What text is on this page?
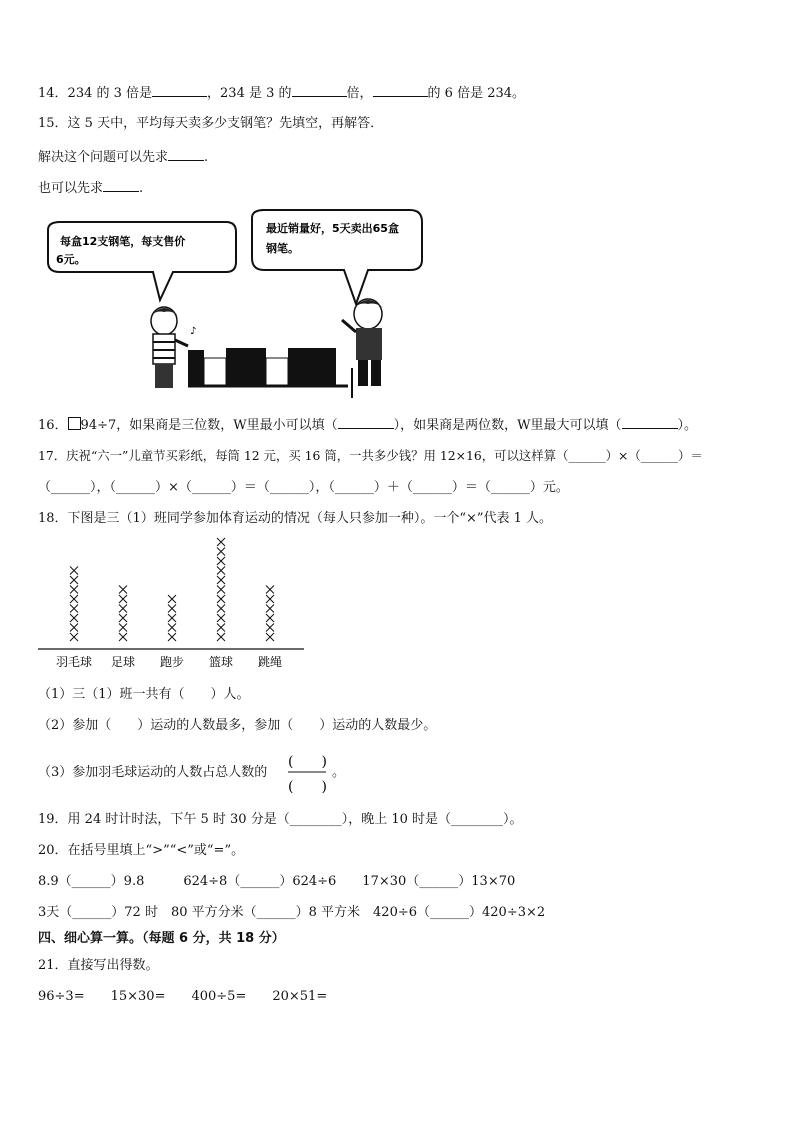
14．234 的 3 倍是	，234 是 3 的	倍，	的 6 倍是 234。
15．这 5 天中，平均每天卖多少支钢笔？先填空，再解答．
解决这个问题可以先求	.
也可以先求	.
每盒12支钢笔，每支售价
6元。
最近销量好，5天卖出65盒
钢笔。
♪
16． 94÷7，如果商是三位数，W里最小可以填（	），如果商是两位数，W里最大可以填（	）。
17．庆祝“六一”儿童节买彩纸，每筒 12 元，买 16 筒，一共多少钱？用 12×16，可以这样算（______）×（______）＝
（______），（______）×（______）＝（______），（______）＋（______）＝（______）元。
18．下图是三（1）班同学参加体育运动的情况（每人只参加一种）。一个“×”代表 1 人。
羽毛球 足球 跑步 篮球 跳绳
（1）三（1）班一共有（　　）人。
（2）参加（　　）运动的人数最多，参加（　　）运动的人数最少。
（3）参加羽毛球运动的人数占总人数的
(　　)
(　　)
。
19．用 24 时计时法，下午 5 时 30 分是（________），晚上 10 时是（________）。
20．在括号里填上“>”“<”或“=”。
8.9（______）9.8　　　624÷8（______）624÷6　　17×30（______）13×70
3天（______）72 时　80 平方分米（______）8 平方米　420÷6（______）420÷3×2
四、细心算一算。（每题 6 分，共 18 分）
21．直接写出得数。
96÷3=　　15×30=　　400÷5=　　20×51=
